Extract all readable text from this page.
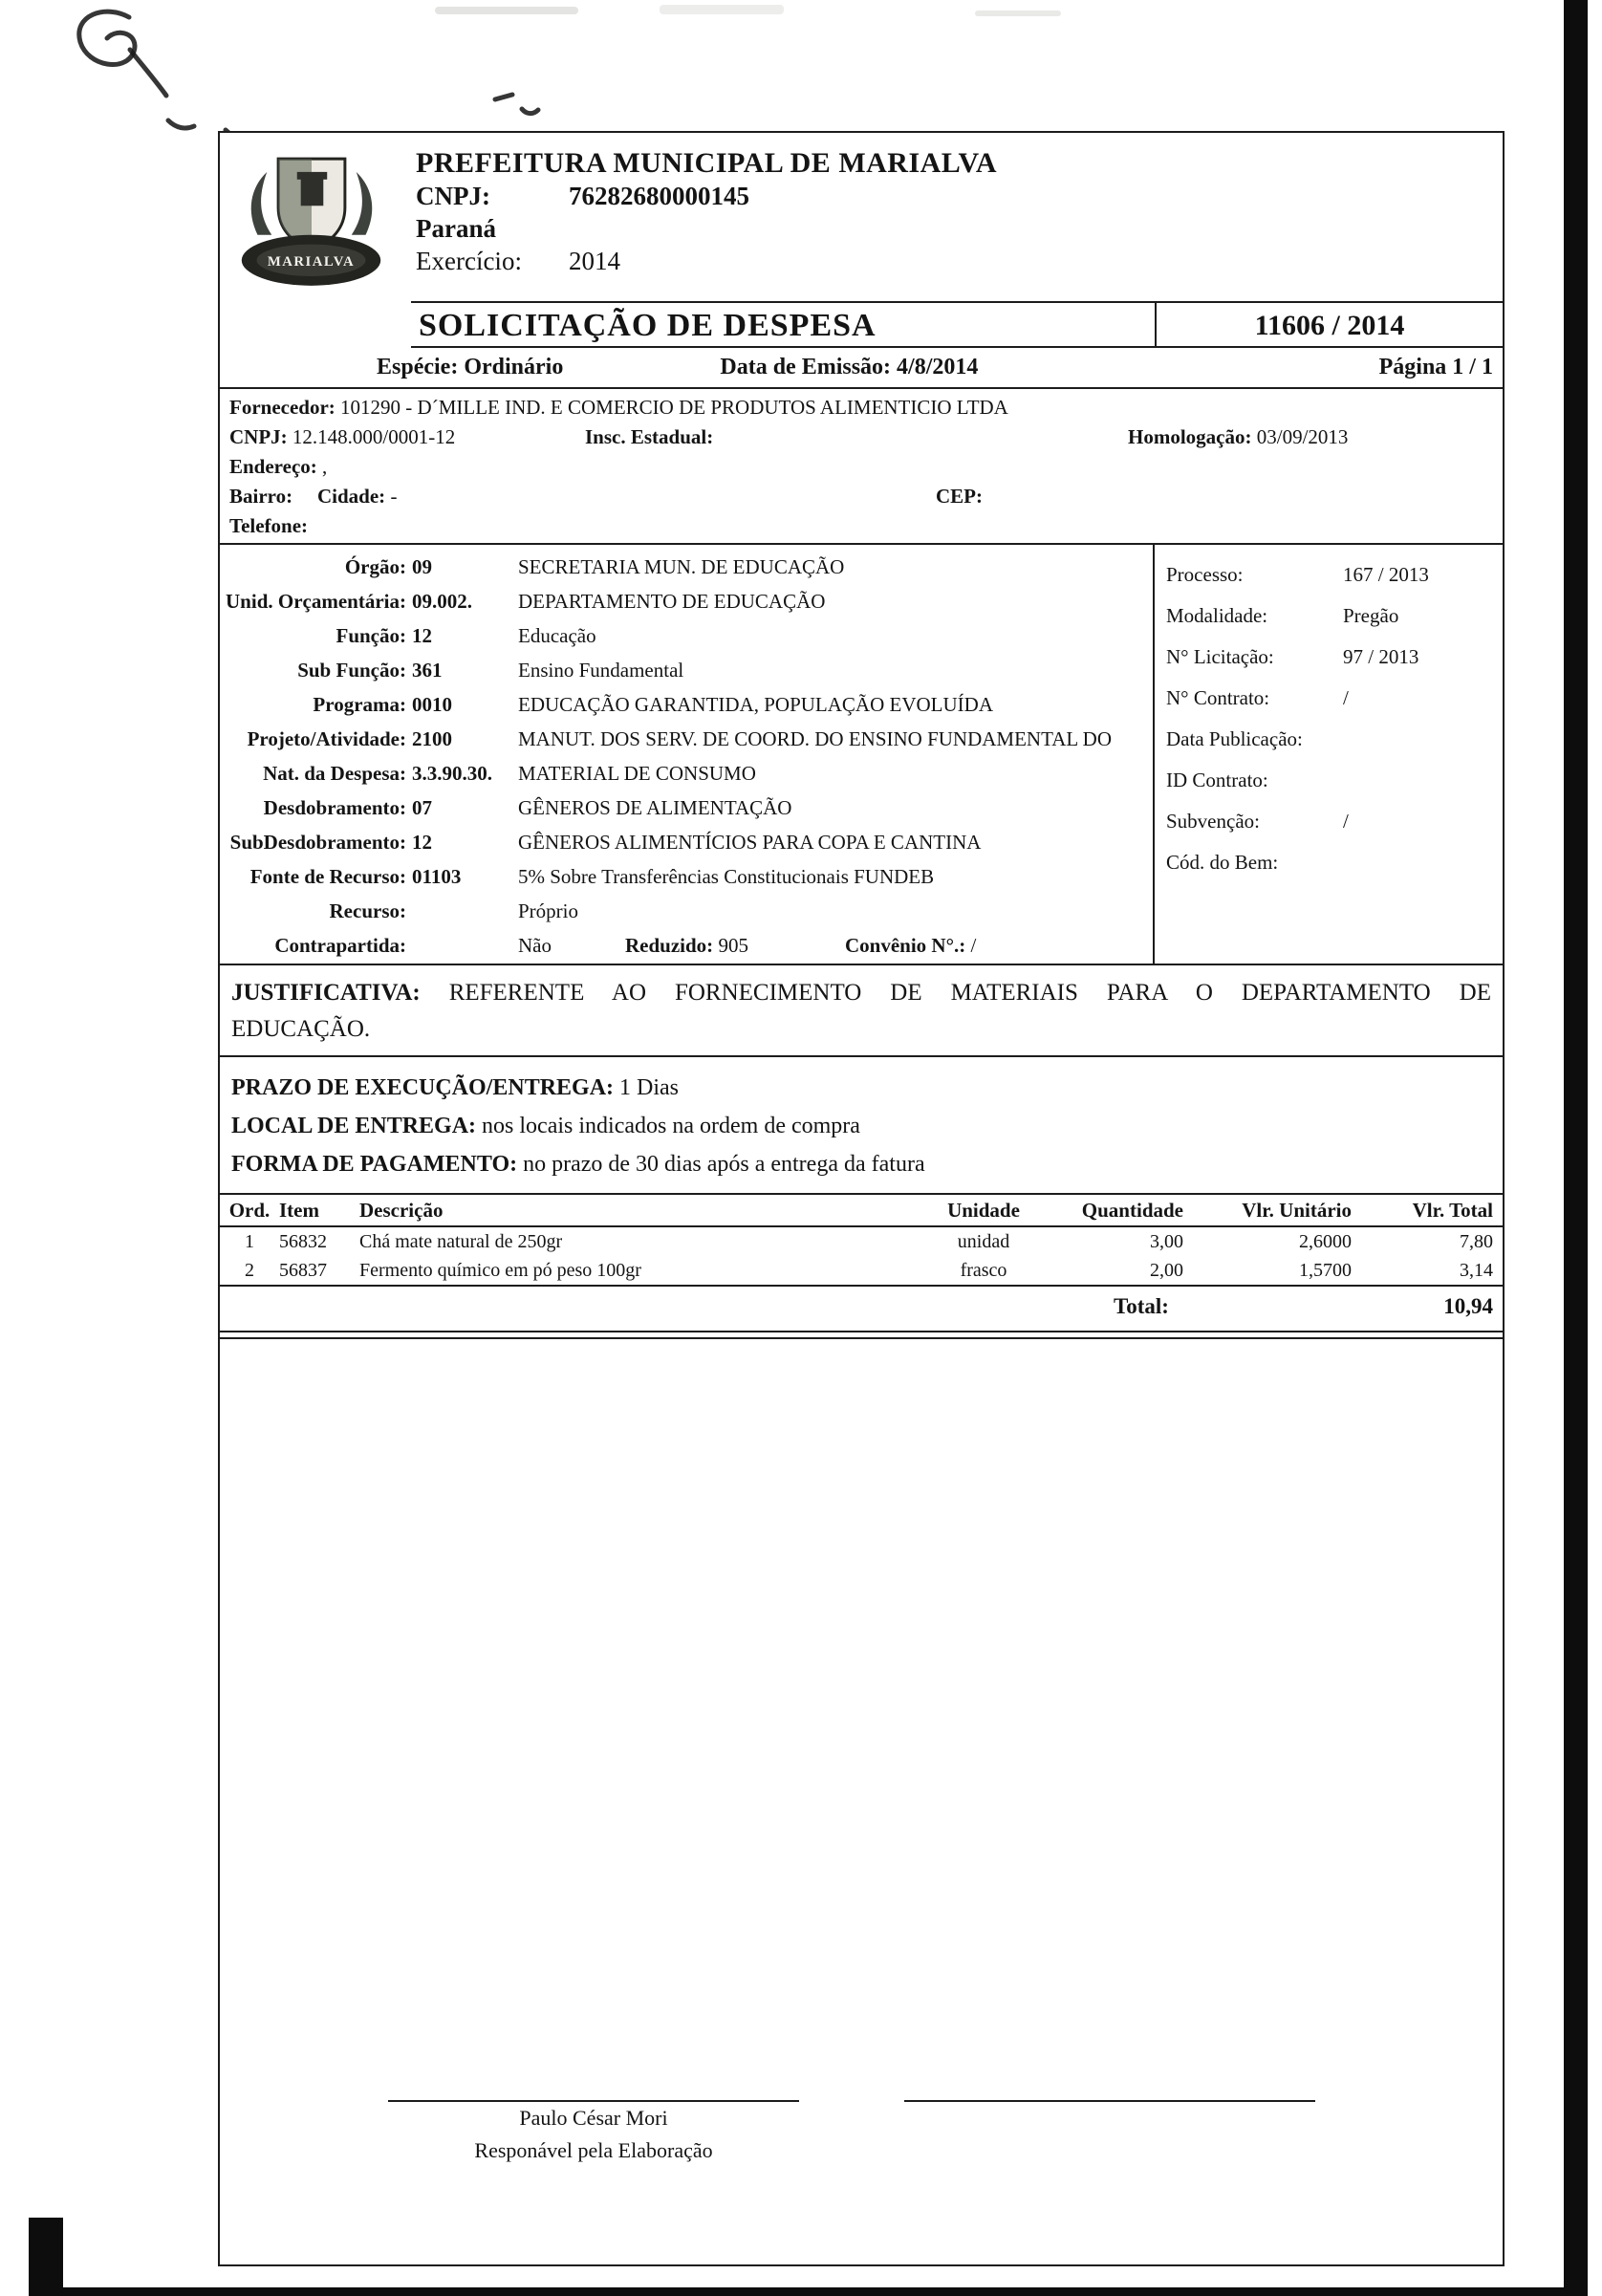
MARIALVA
PREFEITURA MUNICIPAL DE MARIALVA
CNPJ:	76282680000145
Paraná
Exercício: 2014
SOLICITAÇÃO DE DESPESA	11606 / 2014
Espécie: Ordinário	Data de Emissão: 4/8/2014	Página 1 / 1
Fornecedor: 101290 - D´MILLE IND. E COMERCIO DE PRODUTOS ALIMENTICIO LTDA
CNPJ: 12.148.000/0001-12	Insc. Estadual:	Homologação: 03/09/2013
Endereço: ,
Bairro: Cidade: -	CEP:
Telefone:
Órgão: 09	SECRETARIA MUN. DE EDUCAÇÃO
Unid. Orçamentária: 09.002.	DEPARTAMENTO DE EDUCAÇÃO
Função: 12	Educação
Sub Função: 361	Ensino Fundamental
Programa: 0010	EDUCAÇÃO GARANTIDA, POPULAÇÃO EVOLUÍDA
Projeto/Atividade: 2100	MANUT. DOS SERV. DE COORD. DO ENSINO FUNDAMENTAL DO
Nat. da Despesa: 3.3.90.30.	MATERIAL DE CONSUMO
Desdobramento: 07	GÊNEROS DE ALIMENTAÇÃO
SubDesdobramento: 12	GÊNEROS ALIMENTÍCIOS PARA COPA E CANTINA
Fonte de Recurso: 01103	5% Sobre Transferências Constitucionais FUNDEB
Recurso:	Próprio
Contrapartida:	Não	Reduzido: 905	Convênio N°.: /
Processo:	167 / 2013
Modalidade:	Pregão
N° Licitação:	97 / 2013
N° Contrato:	/
Data Publicação:
ID Contrato:
Subvenção:	/
Cód. do Bem:
JUSTIFICATIVA: REFERENTE AO FORNECIMENTO DE MATERIAIS PARA O DEPARTAMENTO DE
EDUCAÇÃO.
PRAZO DE EXECUÇÃO/ENTREGA: 1 Dias
LOCAL DE ENTREGA: nos locais indicados na ordem de compra
FORMA DE PAGAMENTO: no prazo de 30 dias após a entrega da fatura
Ord. Item	Descrição	Unidade	Quantidade	Vlr. Unitário	Vlr. Total
1	56832	Chá mate natural de 250gr	unidad	3,00	2,6000	7,80
2	56837	Fermento químico em pó peso 100gr	frasco	2,00	1,5700	3,14
Total:	10,94
Paulo César Mori
Responável pela Elaboração
